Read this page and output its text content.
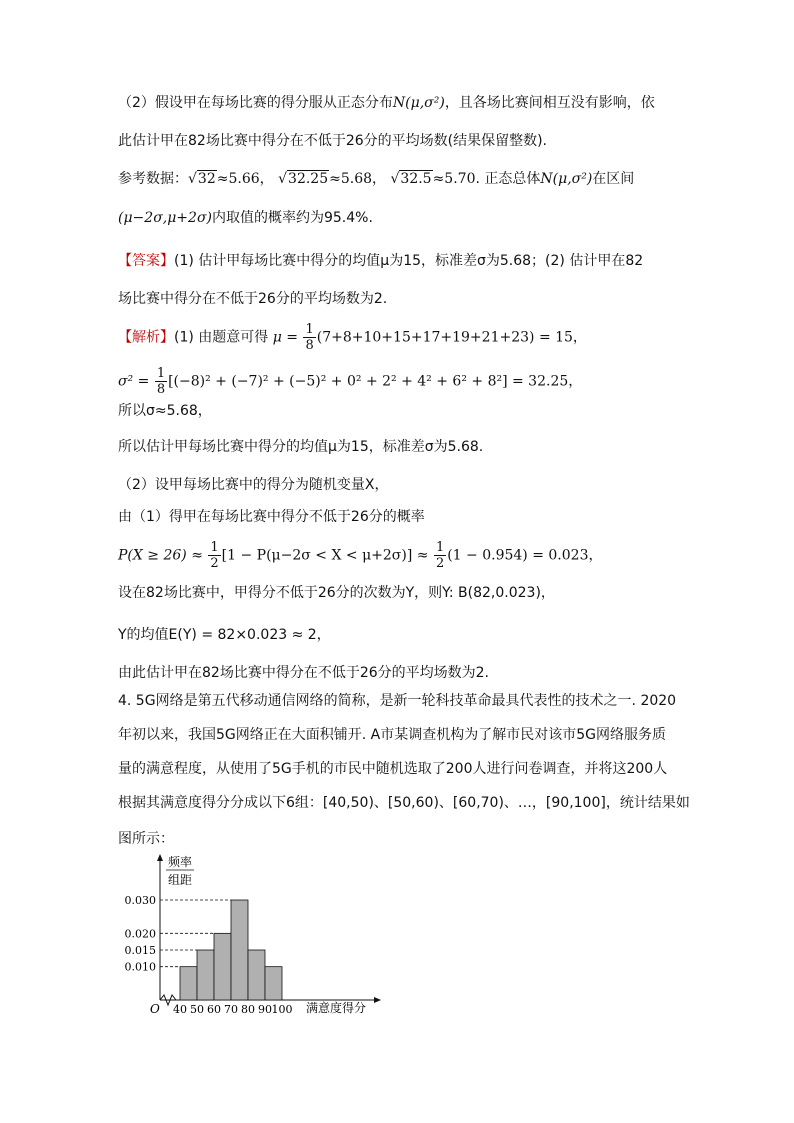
（2）假设甲在每场比赛的得分服从正态分布N(μ,σ²)，且各场比赛间相互没有影响，依
此估计甲在82场比赛中得分在不低于26分的平均场数(结果保留整数).
参考数据：√32≈5.66， √32.25≈5.68， √32.5≈5.70. 正态总体N(μ,σ²)在区间
(μ−2σ,μ+2σ)内取值的概率约为95.4%.
【答案】(1) 估计甲每场比赛中得分的均值μ为15，标准差σ为5.68；(2) 估计甲在82
场比赛中得分在不低于26分的平均场数为2.
【解析】(1) 由题意可得 $\mu = \frac{1}{8} (7+8+10+15+17+19+21+23) = 15$，
$\sigma^2 = \frac{1}{8} [(-8)^2 + (-7)^2 + (-5)^2 + 0^2 + 2^2 + 4^2 + 6^2 + 8^2] = 32.25$，
所以σ≈5.68，
所以估计甲每场比赛中得分的均值μ为15，标准差σ为5.68.
（2）设甲每场比赛中的得分为随机变量X，
由（1）得甲在每场比赛中得分不低于26分的概率
$P(X \ge 26) \approx \frac{1}{2} [1 - P(\mu-2\sigma < X < \mu+2\sigma)] \approx \frac{1}{2} (1 - 0.954) = 0.023$，
设在82场比赛中，甲得分不低于26分的次数为Y，则Y: B(82,0.023)，
Y的均值E(Y) = 82×0.023 ≈ 2，
由此估计甲在82场比赛中得分在不低于26分的平均场数为2.
4. 5G网络是第五代移动通信网络的简称，是新一轮科技革命最具代表性的技术之一. 2020
年初以来，我国5G网络正在大面积铺开. A市某调查机构为了解市民对该市5G网络服务质
量的满意程度，从使用了5G手机的市民中随机选取了200人进行问卷调查，并将这200人
根据其满意度得分分成以下6组：[40,50)、[50,60)、[60,70)、…，[90,100]，统计结果如
图所示：
O
频率
组距
满意度得分
0.010
0.015
0.020
0.030
40 50 60 70 80 90 100
